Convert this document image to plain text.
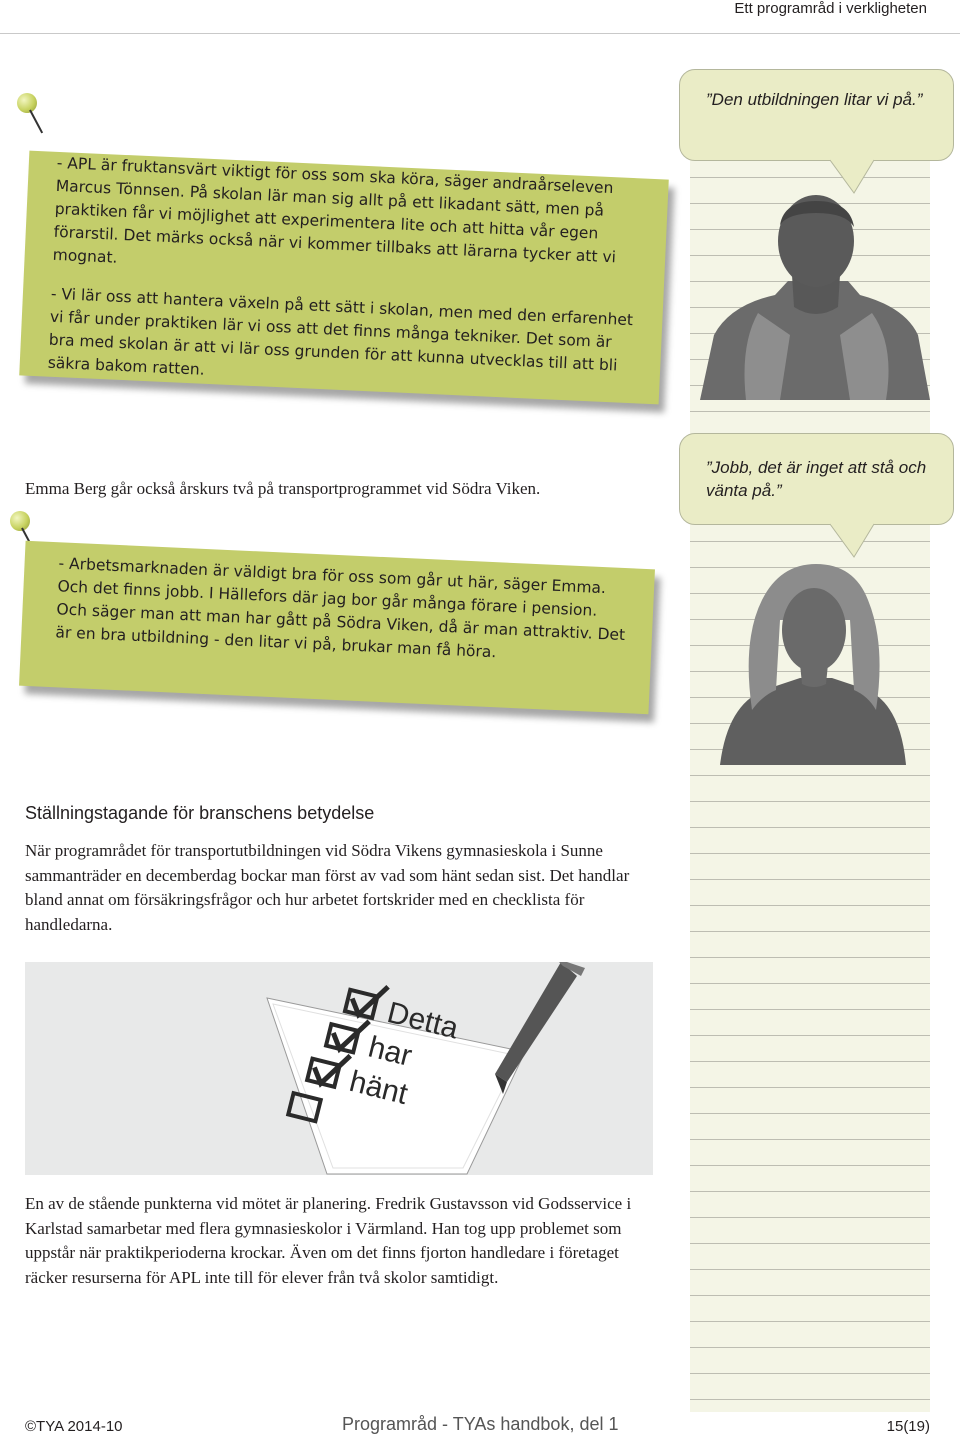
Ett programråd i verkligheten
”Den utbildningen litar vi på.”

- APL är fruktansvärt viktigt för oss som ska köra, säger andraårseleven Marcus Tönnsen. På skolan lär man sig allt på ett likadant sätt, men på praktiken får vi möjlighet att experimentera lite och att hitta vår egen förarstil. Det märks också när vi kommer tillbaks att lärarna tycker att vi mognat.

- Vi lär oss att hantera växeln på ett sätt i skolan, men med den erfarenhet vi får under praktiken lär vi oss att det finns många tekniker. Det som är bra med skolan är att vi lär oss grunden för att kunna utvecklas till att bli säkra bakom ratten.

Emma Berg går också årskurs två på transportprogrammet vid Södra Viken.
”Jobb, det är inget att stå och vänta på.”

- Arbetsmarknaden är väldigt bra för oss som går ut här, säger Emma. Och det finns jobb. I Hällefors där jag bor går många förare i pension. Och säger man att man har gått på Södra Viken, då är man attraktiv. Det är en bra utbildning - den litar vi på, brukar man få höra.

Ställningstagande för branschens betydelse
När programrådet för transportutbildningen vid Södra Vikens gymnasieskola i Sunne sammanträder en decemberdag bockar man först av vad som hänt sedan sist. Det handlar bland annat om försäkringsfrågor och hur arbetet fortskrider med en checklista för handledarna.
Detta
har
hänt
En av de stående punkterna vid mötet är planering. Fredrik Gustavsson vid Godsservice i Karlstad samarbetar med flera gymnasieskolor i Värmland. Han tog upp problemet som uppstår när praktikperioderna krockar. Även om det finns fjorton handledare i företaget räcker resurserna för APL inte till för elever från två skolor samtidigt.
©TYA 2014-10	Programråd - TYAs handbok, del 1	15(19)
